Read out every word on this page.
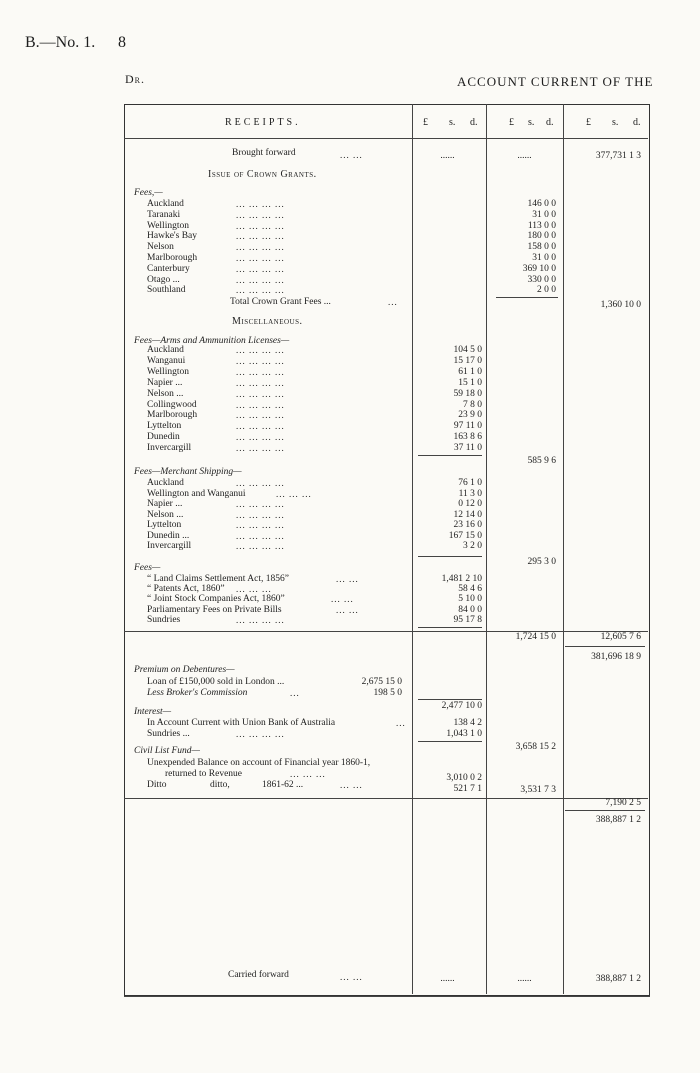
B.—No. 1. 8
Dr.	ACCOUNT CURRENT OF THE
RECEIPTS.	£ s. d.	£ s. d.	£ s. d.
Brought forward	... ...	......	......	377,731 1 3
Issue of Crown Grants.
Fees,—
Auckland	... ... ... ...	146 0 0
Taranaki	... ... ... ...	31 0 0
Wellington	... ... ... ...	113 0 0
Hawke's Bay	... ... ... ...	180 0 0
Nelson	... ... ... ...	158 0 0
Marlborough	... ... ... ...	31 0 0
Canterbury	... ... ... ...	369 10 0
Otago ...	... ... ... ...	330 0 0
Southland	... ... ... ...	2 0 0
Total Crown Grant Fees ...	...	1,360 10 0
Miscellaneous.
Fees—Arms and Ammunition Licenses—
Auckland	... ... ... ...	104 5 0
Wanganui	... ... ... ...	15 17 0
Wellington	... ... ... ...	61 1 0
Napier ...	... ... ... ...	15 1 0
Nelson ...	... ... ... ...	59 18 0
Collingwood	... ... ... ...	7 8 0
Marlborough	... ... ... ...	23 9 0
Lyttelton	... ... ... ...	97 11 0
Dunedin	... ... ... ...	163 8 6
Invercargill	... ... ... ...	37 11 0
585 9 6
Fees—Merchant Shipping—
Auckland	... ... ... ...	76 1 0
Wellington and Wanganui	... ... ...	11 3 0
Napier ...	... ... ... ...	0 12 0
Nelson ...	... ... ... ...	12 14 0
Lyttelton	... ... ... ...	23 16 0
Dunedin ...	... ... ... ...	167 15 0
Invercargill	... ... ... ...	3 2 0
295 3 0
Fees—
“ Land Claims Settlement Act, 1856”	... ...	1,481 2 10
“ Patents Act, 1860” ... ... ...	58 4 6
“ Joint Stock Companies Act, 1860”	... ...	5 10 0
Parliamentary Fees on Private Bills	... ...	84 0 0
Sundries	... ... ... ...	95 17 8
1,724 15 0	12,605 7 6
381,696 18 9
Premium on Debentures—
Loan of £150,000 sold in London ...	2,675 15 0
Less Broker's Commission	...	198 5 0
2,477 10 0
Interest—
In Account Current with Union Bank of Australia	...	138 4 2
Sundries ...	... ... ... ...	1,043 1 0
3,658 15 2
Civil List Fund—
Unexpended Balance on account of Financial year 1860-1,
returned to Revenue	... ... ...	3,010 0 2
Ditto	ditto,	1861-62 ...	... ...	521 7 1	3,531 7 3
7,190 2 5
388,887 1 2
Carried forward	... ...	......	......	388,887 1 2
